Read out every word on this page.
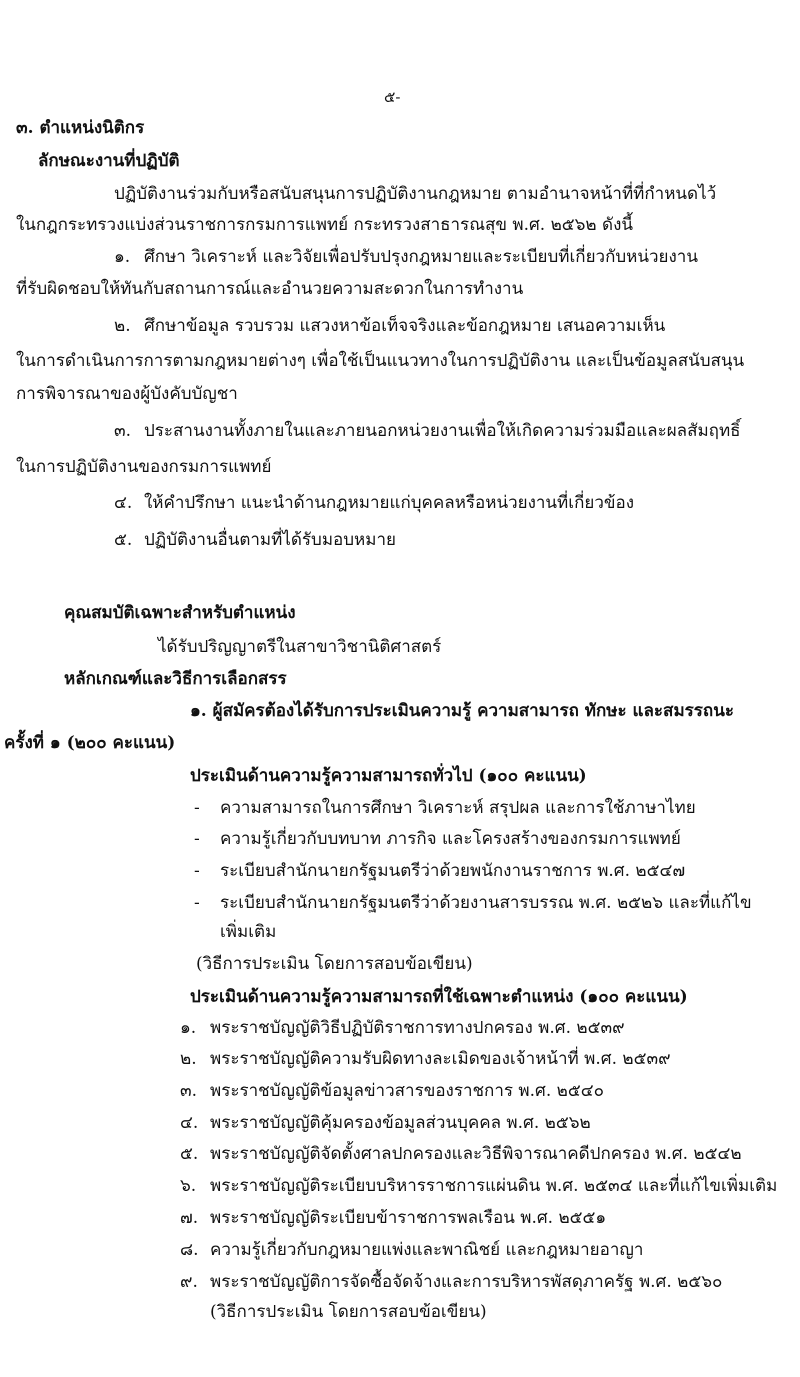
๕-
๓. ตำแหน่งนิติกร
ลักษณะงานที่ปฏิบัติ
ปฏิบัติงานร่วมกับหรือสนับสนุนการปฏิบัติงานกฎหมาย ตามอำนาจหน้าที่ที่กำหนดไว้
ในกฎกระทรวงแบ่งส่วนราชการกรมการแพทย์ กระทรวงสาธารณสุข พ.ศ. ๒๕๖๒ ดังนี้
๑. ศึกษา วิเคราะห์ และวิจัยเพื่อปรับปรุงกฎหมายและระเบียบที่เกี่ยวกับหน่วยงาน
ที่รับผิดชอบให้ทันกับสถานการณ์และอำนวยความสะดวกในการทำงาน
๒. ศึกษาข้อมูล รวบรวม แสวงหาข้อเท็จจริงและข้อกฎหมาย เสนอความเห็น
ในการดำเนินการการตามกฎหมายต่างๆ เพื่อใช้เป็นแนวทางในการปฏิบัติงาน และเป็นข้อมูลสนับสนุน
การพิจารณาของผู้บังคับบัญชา
๓. ประสานงานทั้งภายในและภายนอกหน่วยงานเพื่อให้เกิดความร่วมมือและผลสัมฤทธิ์
ในการปฏิบัติงานของกรมการแพทย์
๔. ให้คำปรึกษา แนะนำด้านกฎหมายแก่บุคคลหรือหน่วยงานที่เกี่ยวข้อง
๕. ปฏิบัติงานอื่นตามที่ได้รับมอบหมาย
คุณสมบัติเฉพาะสำหรับตำแหน่ง
ได้รับปริญญาตรีในสาขาวิชานิติศาสตร์
หลักเกณฑ์และวิธีการเลือกสรร
๑. ผู้สมัครต้องได้รับการประเมินความรู้ ความสามารถ ทักษะ และสมรรถนะ
ครั้งที่ ๑ (๒๐๐ คะแนน)
ประเมินด้านความรู้ความสามารถทั่วไป (๑๐๐ คะแนน)
- ความสามารถในการศึกษา วิเคราะห์ สรุปผล และการใช้ภาษาไทย
- ความรู้เกี่ยวกับบทบาท ภารกิจ และโครงสร้างของกรมการแพทย์
- ระเบียบสำนักนายกรัฐมนตรีว่าด้วยพนักงานราชการ พ.ศ. ๒๕๔๗
- ระเบียบสำนักนายกรัฐมนตรีว่าด้วยงานสารบรรณ พ.ศ. ๒๕๒๖ และที่แก้ไข
เพิ่มเติม
(วิธีการประเมิน โดยการสอบข้อเขียน)
ประเมินด้านความรู้ความสามารถที่ใช้เฉพาะตำแหน่ง (๑๐๐ คะแนน)
๑. พระราชบัญญัติวิธีปฏิบัติราชการทางปกครอง พ.ศ. ๒๕๓๙
๒. พระราชบัญญัติความรับผิดทางละเมิดของเจ้าหน้าที่ พ.ศ. ๒๕๓๙
๓. พระราชบัญญัติข้อมูลข่าวสารของราชการ พ.ศ. ๒๕๔๐
๔. พระราชบัญญัติคุ้มครองข้อมูลส่วนบุคคล พ.ศ. ๒๕๖๒
๕. พระราชบัญญัติจัดตั้งศาลปกครองและวิธีพิจารณาคดีปกครอง พ.ศ. ๒๕๔๒
๖. พระราชบัญญัติระเบียบบริหารราชการแผ่นดิน พ.ศ. ๒๕๓๔ และที่แก้ไขเพิ่มเติม
๗. พระราชบัญญัติระเบียบข้าราชการพลเรือน พ.ศ. ๒๕๕๑
๘. ความรู้เกี่ยวกับกฎหมายแพ่งและพาณิชย์ และกฎหมายอาญา
๙. พระราชบัญญัติการจัดซื้อจัดจ้างและการบริหารพัสดุภาครัฐ พ.ศ. ๒๕๖๐
(วิธีการประเมิน โดยการสอบข้อเขียน)
